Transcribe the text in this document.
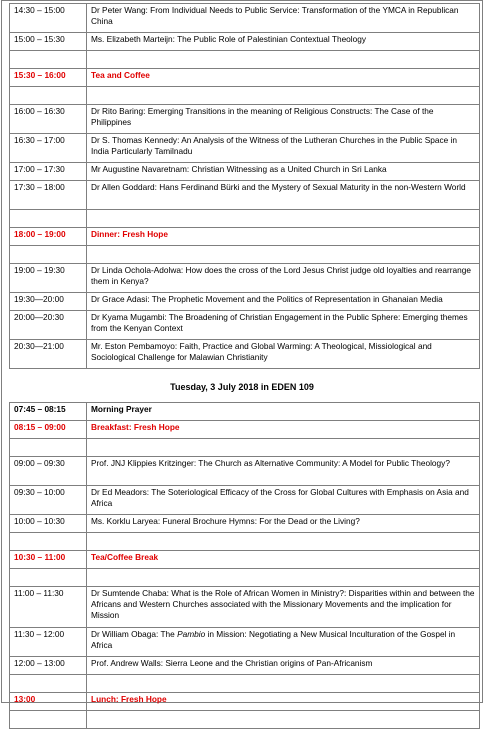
14:30 – 15:00	Dr Peter Wang: From Individual Needs to Public Service: Transformation of the YMCA in Republican China
15:00 – 15:30	Ms. Elizabeth Marteijn: The Public Role of Palestinian Contextual Theology

15:30 – 16:00	Tea and Coffee

16:00 – 16:30	Dr Rito Baring: Emerging Transitions in the meaning of Religious Constructs: The Case of the Philippines
16:30 – 17:00	Dr S. Thomas Kennedy: An Analysis of the Witness of the Lutheran Churches in the Public Space in India Particularly Tamilnadu
17:00 – 17:30	Mr Augustine Navaretnam: Christian Witnessing as a United Church in Sri Lanka
17:30 – 18:00	Dr Allen Goddard: Hans Ferdinand Bürki and the Mystery of Sexual Maturity in the non-Western World

18:00 – 19:00	Dinner: Fresh Hope

19:00 – 19:30	Dr Linda Ochola-Adolwa: How does the cross of the Lord Jesus Christ judge old loyalties and rearrange them in Kenya?
19:30—20:00	Dr Grace Adasi: The Prophetic Movement and the Politics of Representation in Ghanaian Media
20:00—20:30	Dr Kyama Mugambi: The Broadening of Christian Engagement in the Public Sphere: Emerging themes from the Kenyan Context
20:30—21:00	Mr. Eston Pembamoyo: Faith, Practice and Global Warming: A Theological, Missiological and Sociological Challenge for Malawian Christianity
Tuesday, 3 July 2018 in EDEN 109
07:45 – 08:15	Morning Prayer
08:15 – 09:00	Breakfast: Fresh Hope

09:00 – 09:30	Prof. JNJ Klippies Kritzinger: The Church as Alternative Community: A Model for Public Theology?
09:30 – 10:00	Dr Ed Meadors: The Soteriological Efficacy of the Cross for Global Cultures with Emphasis on Asia and Africa
10:00 – 10:30	Ms. Korklu Laryea: Funeral Brochure Hymns: For the Dead or the Living?

10:30 – 11:00	Tea/Coffee Break

11:00 – 11:30	Dr Sumtende Chaba: What is the Role of African Women in Ministry?: Disparities within and between the Africans and Western Churches associated with the Missionary Movements and the implication for Mission
11:30 – 12:00	Dr William Obaga: The Pambio in Mission: Negotiating a New Musical Inculturation of the Gospel in Africa
12:00 – 13:00	Prof. Andrew Walls: Sierra Leone and the Christian origins of Pan-Africanism

13:00	Lunch: Fresh Hope
